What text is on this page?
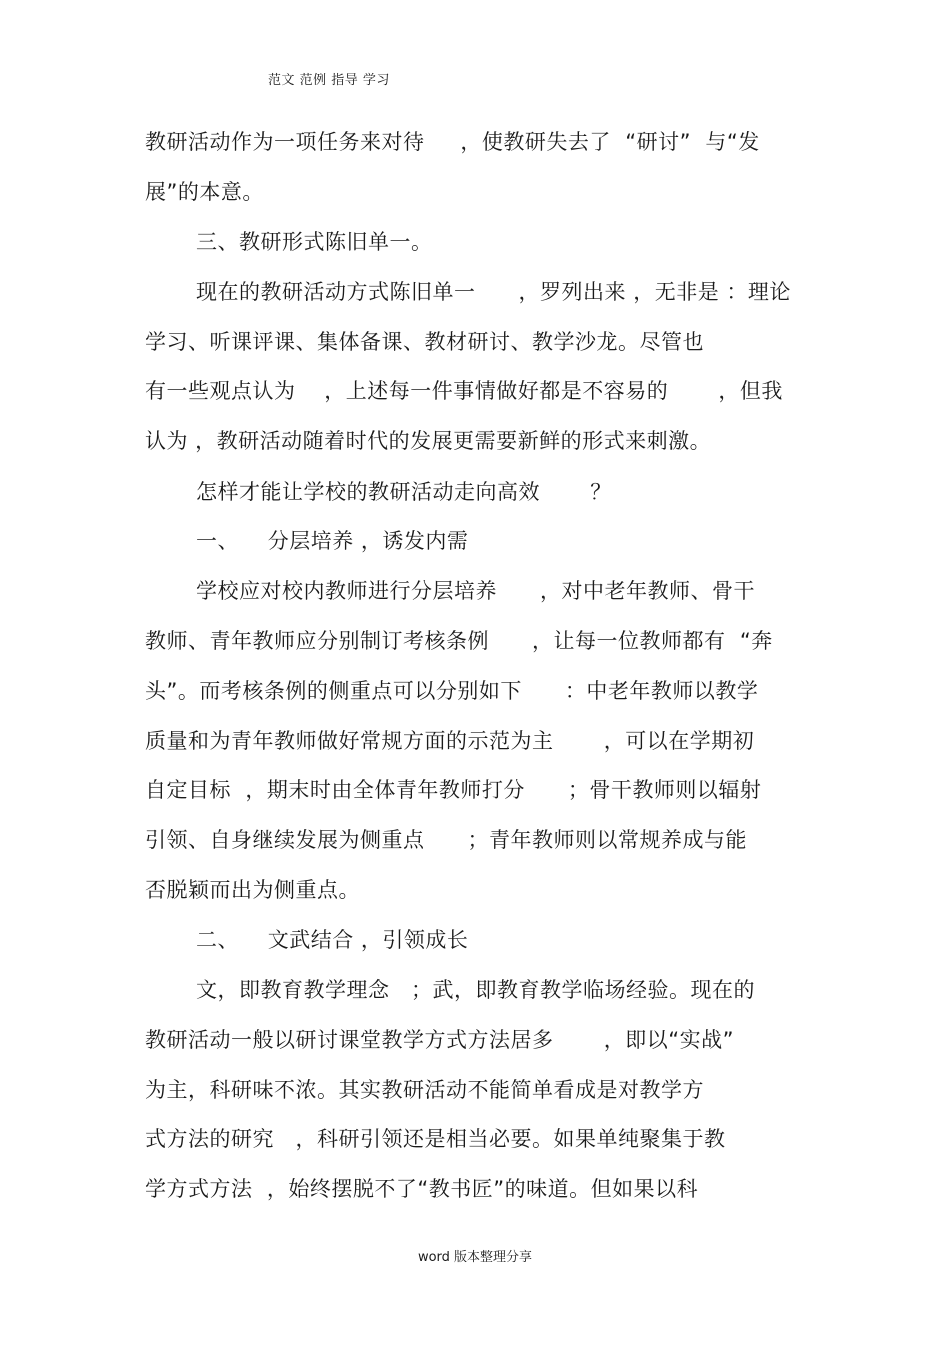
范文 范例 指导 学习
教研活动作为一项任务来对待     ，使教研失去了  “研讨”  与“发
展”的本意。
三、教研形式陈旧单一。
现在的教研活动方式陈旧单一      ，罗列出来 ，无非是 ：理论
学习、听课评课、集体备课、教材研讨、教学沙龙。尽管也
有一些观点认为    ，上述每一件事情做好都是不容易的       ，但我
认为 ，教研活动随着时代的发展更需要新鲜的形式来刺激。
怎样才能让学校的教研活动走向高效       ？
一、    分层培养 ，诱发内需
学校应对校内教师进行分层培养      ，对中老年教师、骨干
教师、青年教师应分别制订考核条例      ，让每一位教师都有  “奔
头”。而考核条例的侧重点可以分别如下      ：中老年教师以教学
质量和为青年教师做好常规方面的示范为主       ，可以在学期初
自定目标  ，期末时由全体青年教师打分      ；骨干教师则以辐射
引领、自身继续发展为侧重点      ；青年教师则以常规养成与能
否脱颖而出为侧重点。
二、    文武结合 ，引领成长
文，即教育教学理念   ；武，即教育教学临场经验。现在的
教研活动一般以研讨课堂教学方式方法居多       ，即以“实战”
为主，科研味不浓。其实教研活动不能简单看成是对教学方
式方法的研究   ，科研引领还是相当必要。如果单纯聚集于教
学方式方法  ，始终摆脱不了“教书匠”的味道。但如果以科
word 版本整理分享
